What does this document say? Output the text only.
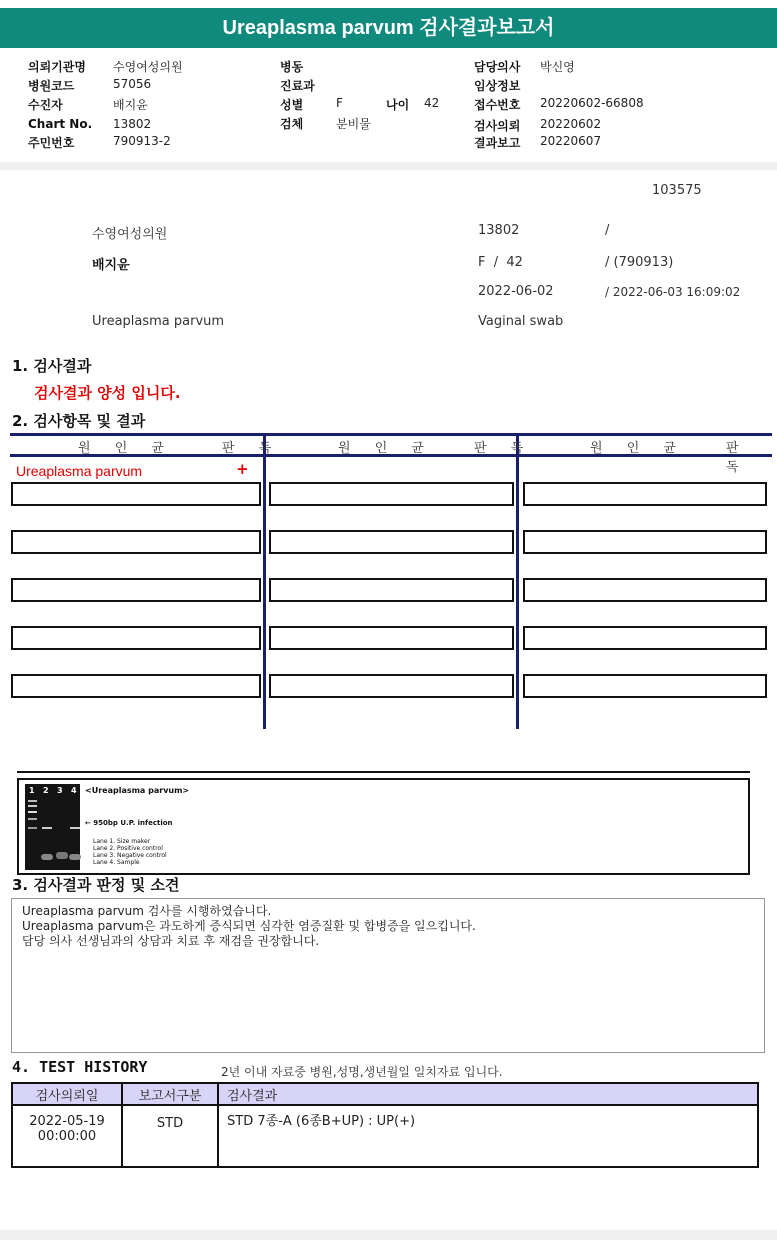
Ureaplasma parvum 검사결과보고서
의뢰기관명 수영여성의원
병원코드	57056
수진자	배지윤
Chart No. 13802
주민번호	790913-2
병동
진료과
성별	F	나이 42
검체	분비물
담당의사 박신영
임상정보
접수번호 20220602-66808
검사의뢰 20220602
결과보고 20220607
103575
수영여성의원	13802	/
배지윤	F  /  42	/ (790913)
2022-06-02	/ 2022-06-03 16:09:02
Ureaplasma parvum	Vaginal swab
1. 검사결과
검사결과 양성 입니다.
2. 검사항목 및 결과
원 인 균	판 독	원 인 균	판 독	원 인 균	판 독
Ureaplasma parvum	+
1 2 3 4 <Ureaplasma parvum>
← 950bp U.P. infection
Lane 1. Size maker
Lane 2. Positive control
Lane 3. Negative control
Lane 4. Sample
3. 검사결과 판정 및 소견
Ureaplasma parvum 검사를 시행하였습니다.
Ureaplasma parvum은 과도하게 증식되면 심각한 염증질환 및 합병증을 일으킵니다.
담당 의사 선생님과의 상담과 치료 후 재검을 권장합니다.
4. TEST HISTORY	2년 이내 자료중 병원,성명,생년월일 일치자료 입니다.
검사의뢰일	보고서구분	검사결과

2022-05-19
00:00:00	STD	STD 7종-A (6종B+UP) : UP(+)
